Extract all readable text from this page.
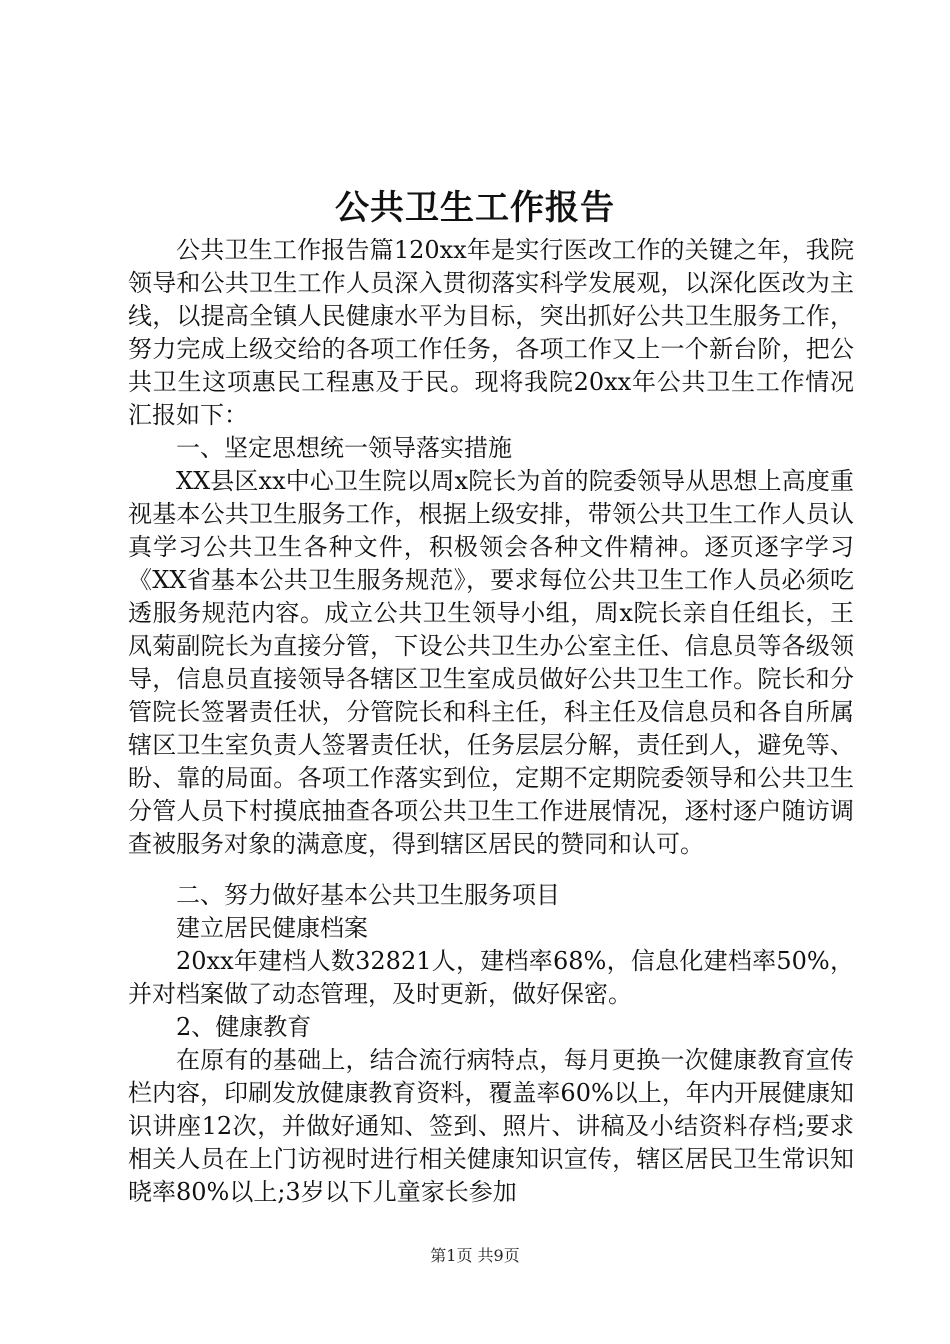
公共卫生工作报告

公共卫生工作报告篇120xx年是实行医改工作的关键之年，我院领导和公共卫生工作人员深入贯彻落实科学发展观，以深化医改为主线，以提高全镇人民健康水平为目标，突出抓好公共卫生服务工作，努力完成上级交给的各项工作任务，各项工作又上一个新台阶，把公共卫生这项惠民工程惠及于民。现将我院20xx年公共卫生工作情况汇报如下：

一、坚定思想统一领导落实措施

XX县区xx中心卫生院以周x院长为首的院委领导从思想上高度重视基本公共卫生服务工作，根据上级安排，带领公共卫生工作人员认真学习公共卫生各种文件，积极领会各种文件精神。逐页逐字学习《XX省基本公共卫生服务规范》，要求每位公共卫生工作人员必须吃透服务规范内容。成立公共卫生领导小组，周x院长亲自任组长，王凤菊副院长为直接分管，下设公共卫生办公室主任、信息员等各级领导，信息员直接领导各辖区卫生室成员做好公共卫生工作。院长和分管院长签署责任状，分管院长和科主任，科主任及信息员和各自所属辖区卫生室负责人签署责任状，任务层层分解，责任到人，避免等、盼、靠的局面。各项工作落实到位，定期不定期院委领导和公共卫生分管人员下村摸底抽查各项公共卫生工作进展情况，逐村逐户随访调查被服务对象的满意度，得到辖区居民的赞同和认可。

二、努力做好基本公共卫生服务项目

建立居民健康档案

20xx年建档人数32821人，建档率68%，信息化建档率50%，并对档案做了动态管理，及时更新，做好保密。

2、健康教育

在原有的基础上，结合流行病特点，每月更换一次健康教育宣传栏内容，印刷发放健康教育资料，覆盖率60%以上，年内开展健康知识讲座12次，并做好通知、签到、照片、讲稿及小结资料存档;要求相关人员在上门访视时进行相关健康知识宣传，辖区居民卫生常识知晓率80%以上;3岁以下儿童家长参加

第1页 共9页
